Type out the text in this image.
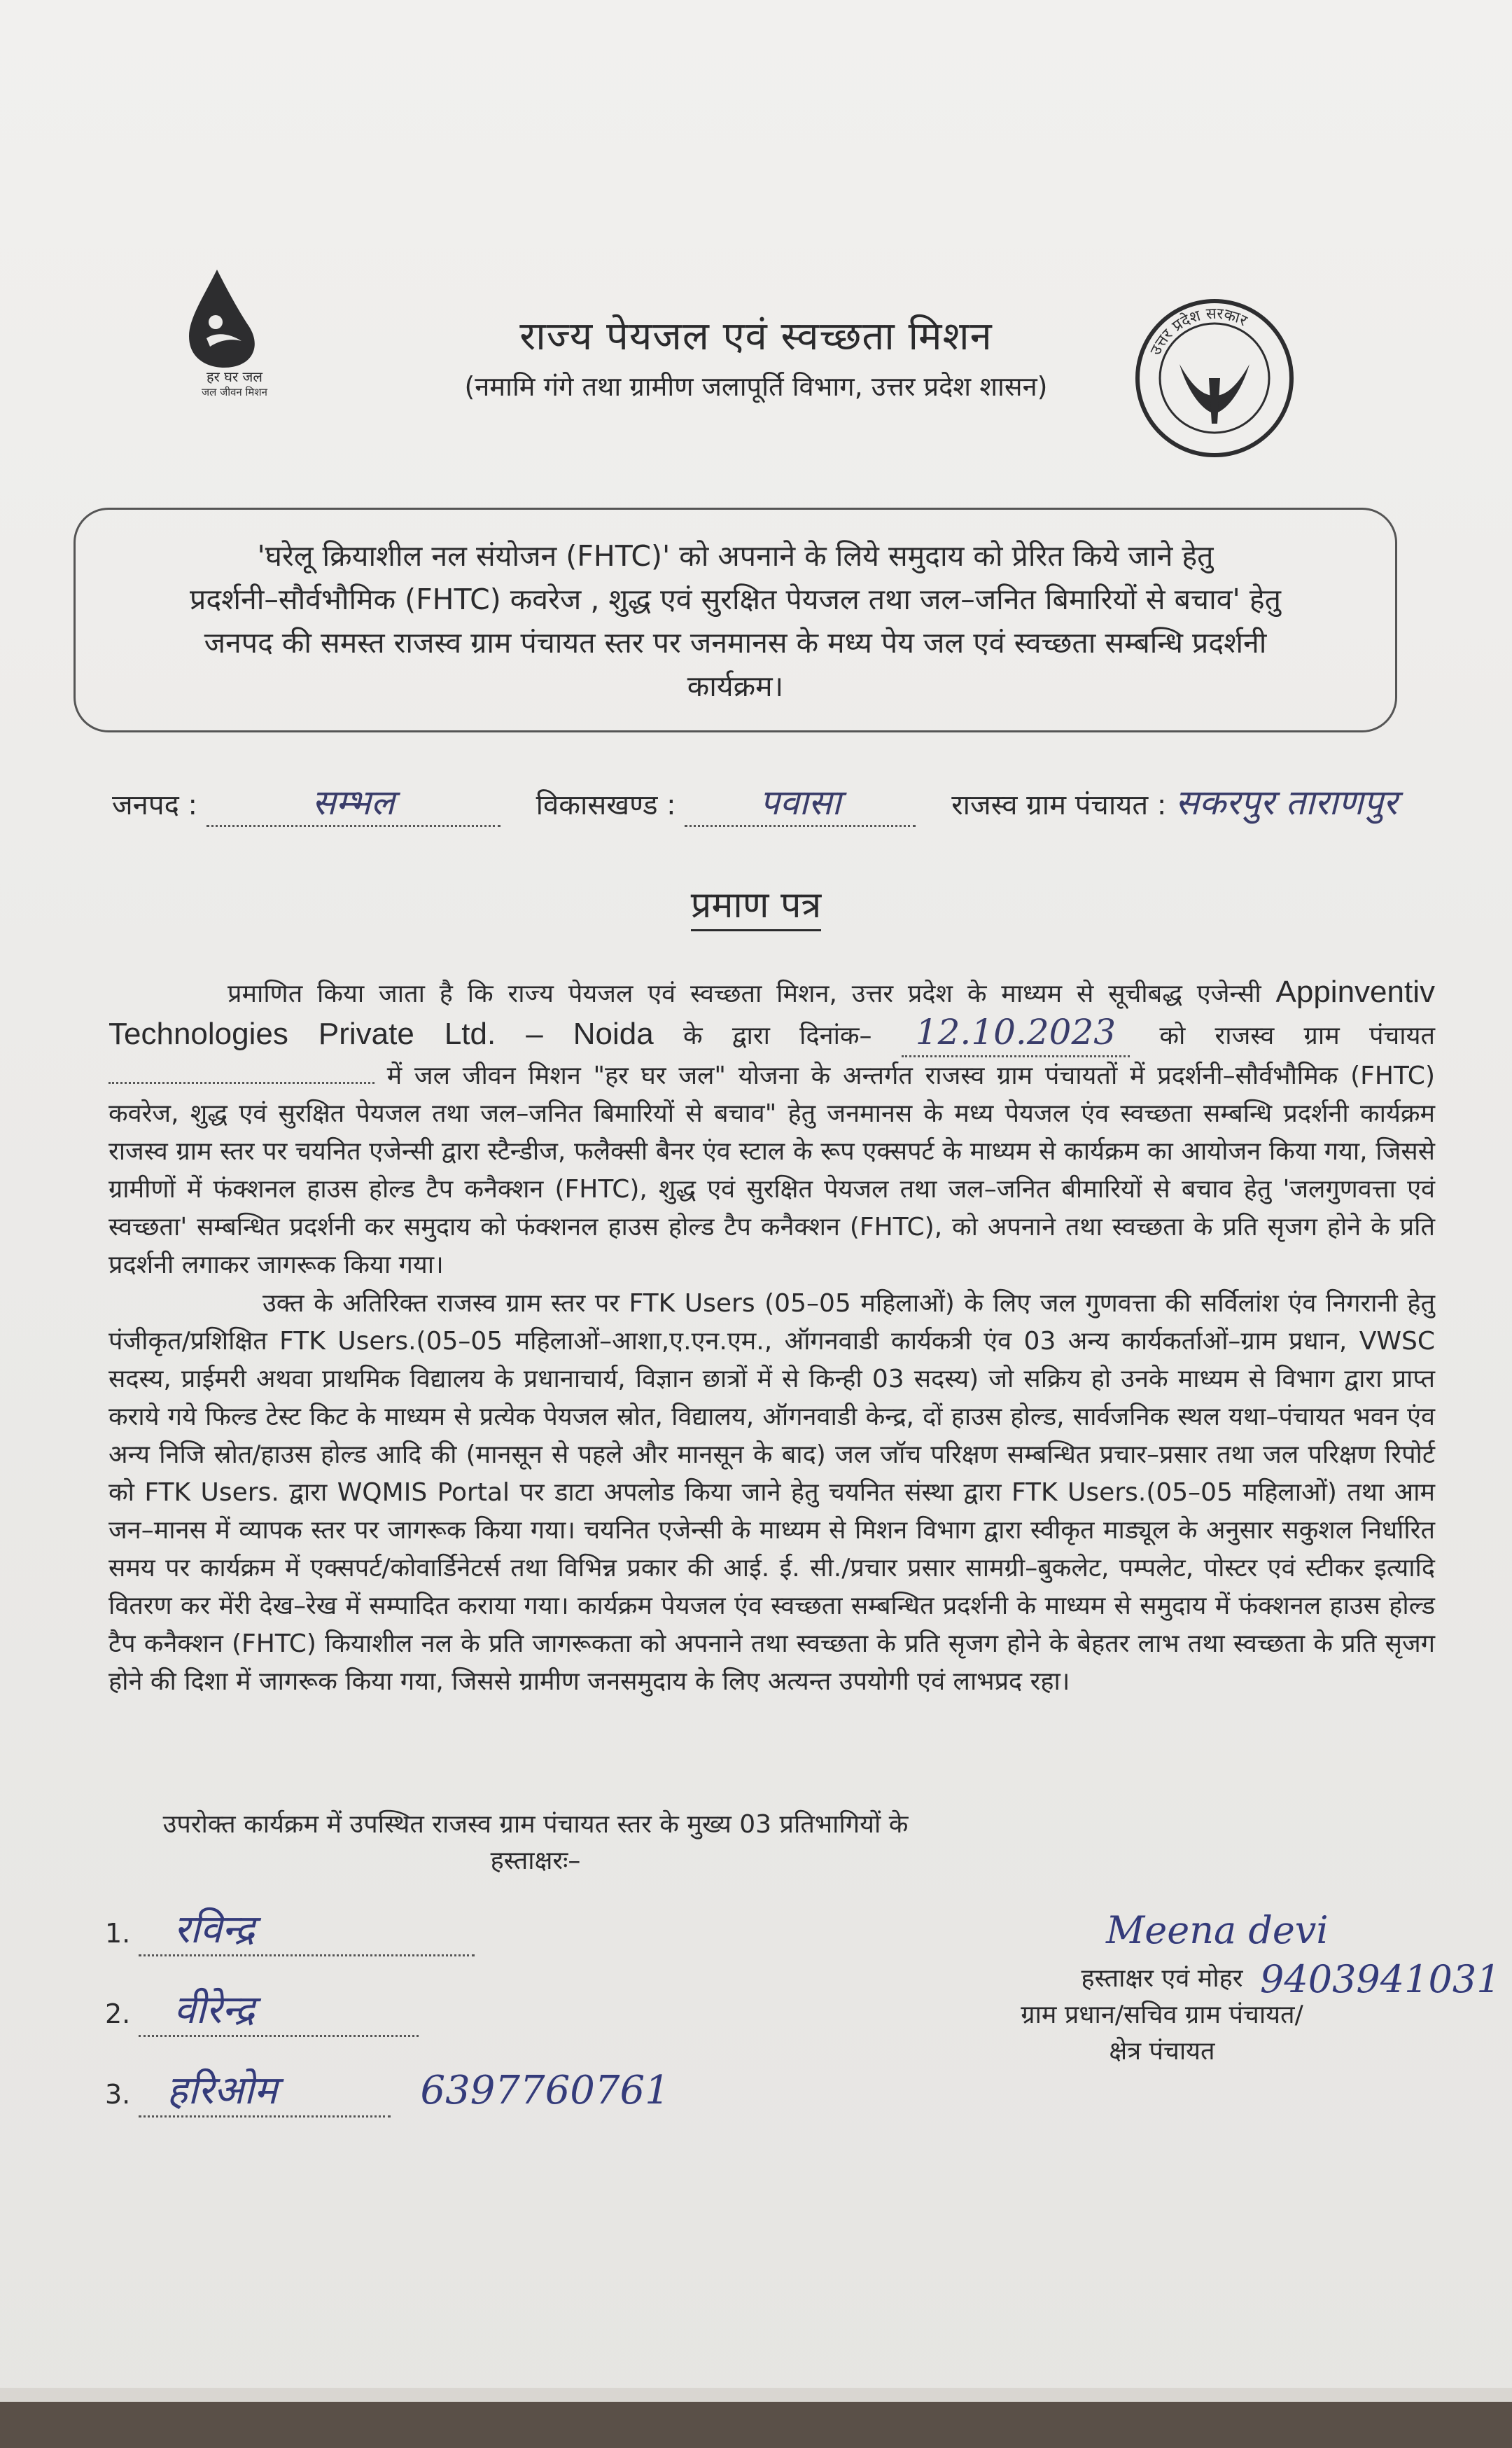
हर घर जल
जल जीवन मिशन
राज्य पेयजल एवं स्वच्छता मिशन
(नमामि गंगे तथा ग्रामीण जलापूर्ति विभाग, उत्तर प्रदेश शासन)
उत्तर प्रदेश सरकार
'घरेलू क्रियाशील नल संयोजन (FHTC)' को अपनाने के लिये समुदाय को प्रेरित किये जाने हेतु
प्रदर्शनी–सौर्वभौमिक (FHTC) कवरेज , शुद्ध एवं सुरक्षित पेयजल तथा जल–जनित बिमारियों से बचाव' हेतु
जनपद की समस्त राजस्व ग्राम पंचायत स्तर पर जनमानस के मध्य पेय जल एवं स्वच्छता सम्बन्धि प्रदर्शनी
कार्यक्रम।
जनपद :	सम्भल	विकासखण्ड : पवासा	राजस्व ग्राम पंचायत : सकरपुर ताराणपुर
प्रमाण पत्र
प्रमाणित किया जाता है कि राज्य पेयजल एवं स्वच्छता मिशन, उत्तर प्रदेश के माध्यम से सूचीबद्ध एजेन्सी Appinventiv Technologies Private Ltd. – Noida के द्वारा दिनांक– 12.10.2023 को राजस्व ग्राम पंचायत  में जल जीवन मिशन "हर घर जल" योजना के अन्तर्गत राजस्व ग्राम पंचायतों में प्रदर्शनी–सौर्वभौमिक (FHTC) कवरेज, शुद्ध एवं सुरक्षित पेयजल तथा जल–जनित बिमारियों से बचाव" हेतु जनमानस के मध्य पेयजल एंव स्वच्छता सम्बन्धि प्रदर्शनी कार्यक्रम राजस्व ग्राम स्तर पर चयनित एजेन्सी द्वारा स्टैन्डीज, फलैक्सी बैनर एंव स्टाल के रूप एक्सपर्ट के माध्यम से कार्यक्रम का आयोजन किया गया, जिससे ग्रामीणों में फंक्शनल हाउस होल्ड टैप कनैक्शन (FHTC), शुद्ध एवं सुरक्षित पेयजल तथा जल–जनित बीमारियों से बचाव हेतु 'जलगुणवत्ता एवं स्वच्छता' सम्बन्धित प्रदर्शनी कर समुदाय को फंक्शनल हाउस होल्ड टैप कनैक्शन (FHTC), को अपनाने तथा स्वच्छता के प्रति सृजग होने के प्रति प्रदर्शनी लगाकर जागरूक किया गया।
उक्त के अतिरिक्त राजस्व ग्राम स्तर पर FTK Users (05–05 महिलाओं) के लिए जल गुणवत्ता की सर्विलांश एंव निगरानी हेतु पंजीकृत/प्रशिक्षित FTK Users.(05–05 महिलाओं–आशा,ए.एन.एम., ऑगनवाडी कार्यकत्री एंव 03 अन्य कार्यकर्ताओं–ग्राम प्रधान, VWSC सदस्य, प्राईमरी अथवा प्राथमिक विद्यालय के प्रधानाचार्य, विज्ञान छात्रों में से किन्ही 03 सदस्य) जो सक्रिय हो उनके माध्यम से विभाग द्वारा प्राप्त कराये गये फिल्ड टेस्ट किट के माध्यम से प्रत्येक पेयजल स्रोत, विद्यालय, ऑगनवाडी केन्द्र, दों हाउस होल्ड, सार्वजनिक स्थल यथा–पंचायत भवन एंव अन्य निजि स्रोत/हाउस होल्ड आदि की (मानसून से पहले और मानसून के बाद) जल जॉच परिक्षण सम्बन्धित प्रचार–प्रसार तथा जल परिक्षण रिपोर्ट को FTK Users. द्वारा WQMIS Portal पर डाटा अपलोड किया जाने हेतु चयनित संस्था द्वारा FTK Users.(05–05 महिलाओं) तथा आम जन–मानस में व्यापक स्तर पर जागरूक किया गया। चयनित एजेन्सी के माध्यम से मिशन विभाग द्वारा स्वीकृत माड्यूल के अनुसार सकुशल निर्धारित समय पर कार्यक्रम में एक्सपर्ट/कोवार्डिनेटर्स तथा विभिन्न प्रकार की आई. ई. सी./प्रचार प्रसार सामग्री–बुकलेट, पम्पलेट, पोस्टर एवं स्टीकर इत्यादि वितरण कर मेंरी देख–रेख में सम्पादित कराया गया। कार्यक्रम पेयजल एंव स्वच्छता सम्बन्धित प्रदर्शनी के माध्यम से समुदाय में फंक्शनल हाउस होल्ड टैप कनैक्शन (FHTC) कियाशील नल के प्रति जागरूकता को अपनाने तथा स्वच्छता के प्रति सृजग होने के बेहतर लाभ तथा स्वच्छता के प्रति सृजग होने की दिशा में जागरूक किया गया, जिससे ग्रामीण जनसमुदाय के लिए अत्यन्त उपयोगी एवं लाभप्रद रहा।
उपरोक्त कार्यक्रम में उपस्थित राजस्व ग्राम पंचायत स्तर के मुख्य 03 प्रतिभागियों के
हस्ताक्षरः–
1. रविन्द्र
2. वीरेन्द्र
3. हरिओम	6397760761
Meena devi
9403941031
हस्ताक्षर एवं मोहर
ग्राम प्रधान/सचिव ग्राम पंचायत/
क्षेत्र पंचायत
